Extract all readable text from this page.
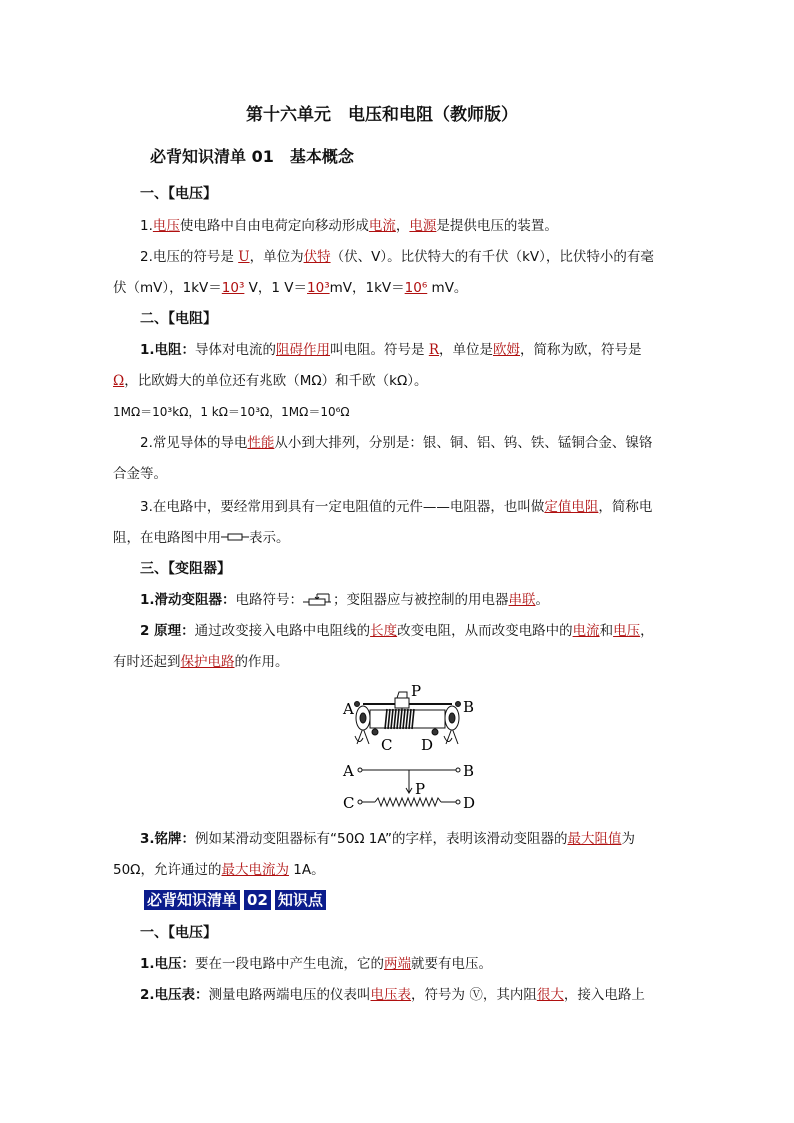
第十六单元　电压和电阻（教师版）
必背知识清单 01　基本概念
一、【电压】
1.电压使电路中自由电荷定向移动形成电流，电源是提供电压的装置。
2.电压的符号是 U，单位为伏特（伏、V）。比伏特大的有千伏（kV），比伏特小的有毫
伏（mV），1kV＝10³ V，1 V＝10³mV，1kV＝10⁶ mV。
二、【电阻】
1.电阻：导体对电流的阻碍作用叫电阻。符号是 R，单位是欧姆，简称为欧，符号是
Ω，比欧姆大的单位还有兆欧（MΩ）和千欧（kΩ）。
1MΩ＝10³kΩ，1 kΩ＝10³Ω，1MΩ＝10⁶Ω
2.常见导体的导电性能从小到大排列，分别是：银、铜、铝、钨、铁、锰铜合金、镍铬
合金等。
3.在电路中，要经常用到具有一定电阻值的元件——电阻器，也叫做定值电阻，简称电
阻，在电路图中用 表示。
三、【变阻器】
1.滑动变阻器：电路符号： ；变阻器应与被控制的用电器串联。
2 原理：通过改变接入电路中电阻线的长度改变电阻，从而改变电路中的电流和电压，
有时还起到保护电路的作用。
A	B
P
C D
A	B
P
C	D
3.铭牌：例如某滑动变阻器标有“50Ω 1A”的字样，表明该滑动变阻器的最大阻值为
50Ω，允许通过的最大电流为 1A。
必背知识清单 02 知识点
一、【电压】
1.电压：要在一段电路中产生电流，它的两端就要有电压。
2.电压表：测量电路两端电压的仪表叫电压表，符号为 Ⓥ，其内阻很大，接入电路上
